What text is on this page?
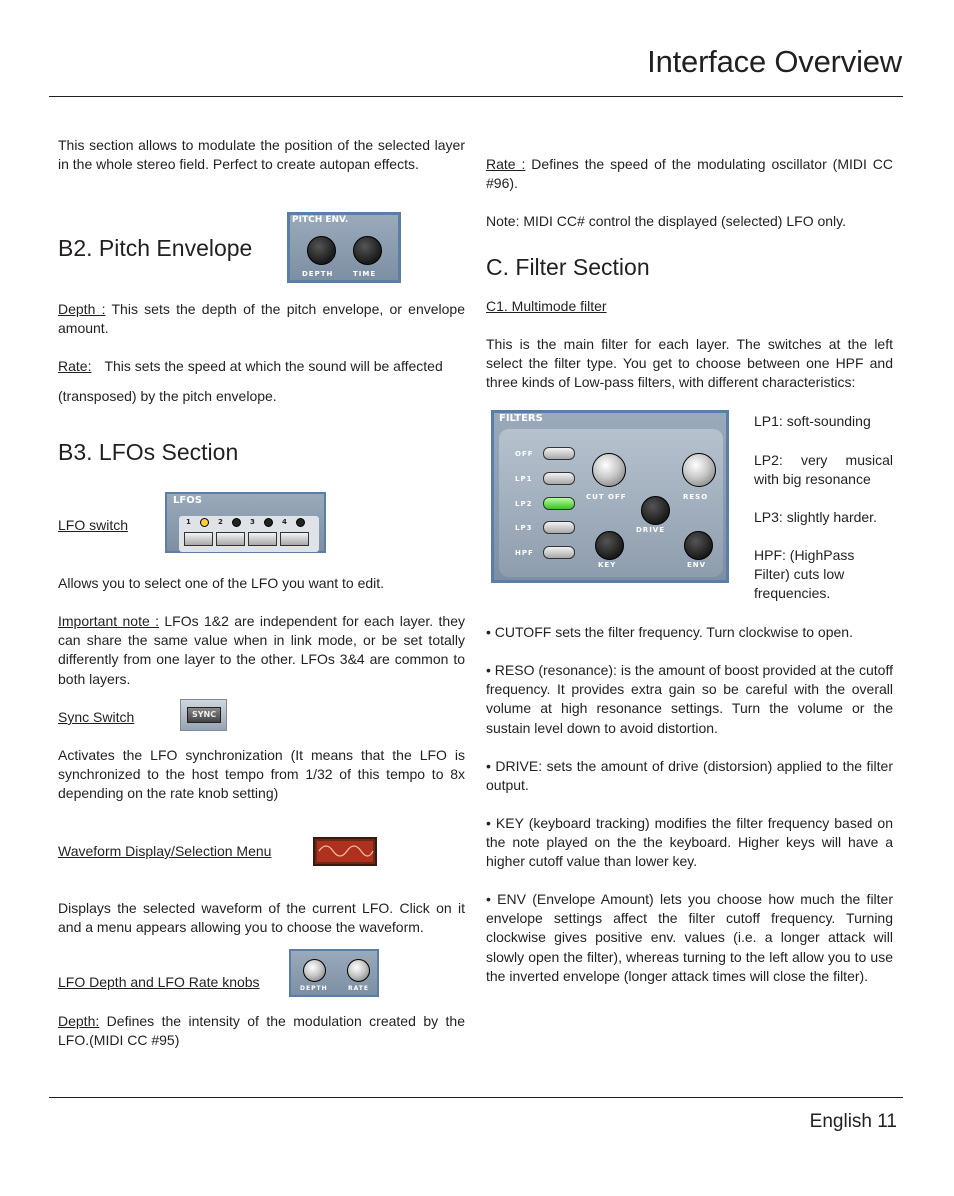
Interface Overview
This section allows to modulate the position of the selected layer in the whole stereo field. Perfect to create autopan effects.
B2. Pitch Envelope
PITCH ENV.
DEPTH	TIME
Depth : This sets the depth of the pitch envelope, or envelope amount.
Rate: This sets the speed at which the sound will be affected
(transposed) by the pitch envelope.
B3. LFOs Section
LFO switch
LFOS
1	2	3	4
Allows you to select one of the LFO you want to edit.
Important note : LFOs 1&2 are independent for each layer. they can share the same value when in link mode, or be set totally differently from one layer to the other. LFOs 3&4 are common to both layers.
Sync Switch	SYNC
Activates the LFO synchronization (It means that the LFO is synchronized to the host tempo from 1/32 of this tempo to 8x depending on the rate knob setting)
Waveform Display/Selection Menu
Displays the selected waveform of the current LFO. Click on it and a menu appears allowing you to choose the waveform.
LFO Depth and LFO Rate knobs	DEPTH	RATE
Depth: Defines the intensity of the modulation created by the LFO.(MIDI CC #95)
Rate : Defines the speed of the modulating oscillator (MIDI CC #96).
Note: MIDI CC# control the displayed (selected) LFO only.
C. Filter Section
C1. Multimode filter
This is the main filter for each layer. The switches at the left select the filter type. You get to choose between one HPF and three kinds of Low-pass filters, with different characteristics:
FILTERS
OFF
LP1
LP2
LP3
HPF
CUT OFF	RESO
DRIVE
KEY	ENV
LP1: soft-sounding
LP2: very musical with big resonance
LP3: slightly harder.
HPF: (HighPass Filter) cuts low frequencies.
• CUTOFF sets the filter frequency. Turn clockwise to open.
• RESO (resonance): is the amount of boost provided at the cutoff frequency. It provides extra gain so be careful with the overall volume at high resonance settings. Turn the volume or the sustain level down to avoid distortion.
• DRIVE: sets the amount of drive (distorsion) applied to the filter output.
• KEY (keyboard tracking) modifies the filter frequency based on the note played on the the keyboard. Higher keys will have a higher cutoff value than lower key.
• ENV (Envelope Amount) lets you choose how much the filter envelope settings affect the filter cutoff frequency. Turning clockwise gives positive env. values (i.e. a longer attack will slowly open the filter), whereas turning to the left allow you to use the inverted envelope (longer attack times will close the filter).
English 11
